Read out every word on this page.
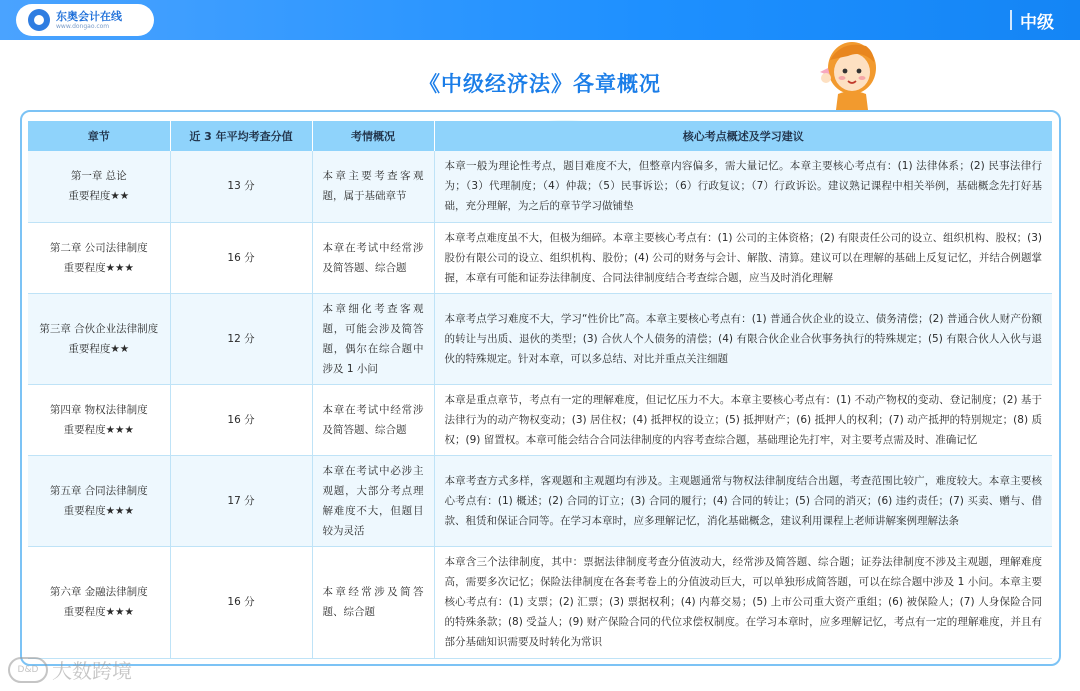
东奥会计在线
www.dongao.com	中级
《中级经济法》各章概况
章节	近 3 年平均考查分值	考情概况	核心考点概述及学习建议
第一章 总论
重要程度★★	13 分	本章主要考查客观题，属于基础章节	本章一般为理论性考点，题目难度不大，但整章内容偏多，需大量记忆。本章主要核心考点有：(1) 法律体系；(2) 民事法律行为；（3）代理制度；（4）仲裁；（5）民事诉讼；（6）行政复议；（7）行政诉讼。建议熟记课程中相关举例，基础概念先打好基础，充分理解，为之后的章节学习做铺垫
第二章 公司法律制度
重要程度★★★	16 分	本章在考试中经常涉及简答题、综合题	本章考点难度虽不大，但极为细碎。本章主要核心考点有：(1) 公司的主体资格；(2) 有限责任公司的设立、组织机构、股权；(3) 股份有限公司的设立、组织机构、股份；(4) 公司的财务与会计、解散、清算。建议可以在理解的基础上反复记忆，并结合例题掌握，本章有可能和证券法律制度、合同法律制度结合考查综合题，应当及时消化理解
第三章 合伙企业法律制度
重要程度★★	12 分	本章细化考查客观题，可能会涉及简答题，偶尔在综合题中涉及 1 小问	本章考点学习难度不大，学习“性价比”高。本章主要核心考点有：(1) 普通合伙企业的设立、债务清偿；(2) 普通合伙人财产份额的转让与出质、退伙的类型；(3) 合伙人个人债务的清偿；(4) 有限合伙企业合伙事务执行的特殊规定；(5) 有限合伙人入伙与退伙的特殊规定。针对本章，可以多总结、对比并重点关注细题
第四章 物权法律制度
重要程度★★★	16 分	本章在考试中经常涉及简答题、综合题	本章是重点章节，考点有一定的理解难度，但记忆压力不大。本章主要核心考点有：(1) 不动产物权的变动、登记制度；(2) 基于法律行为的动产物权变动；(3) 居住权；(4) 抵押权的设立；(5) 抵押财产；(6) 抵押人的权利；(7) 动产抵押的特别规定；(8) 质权；(9) 留置权。本章可能会结合合同法律制度的内容考查综合题，基础理论先打牢，对主要考点需及时、准确记忆
第五章 合同法律制度
重要程度★★★	17 分	本章在考试中必涉主观题，大部分考点理解难度不大，但题目较为灵活	本章考查方式多样，客观题和主观题均有涉及。主观题通常与物权法律制度结合出题，考查范围比较广，难度较大。本章主要核心考点有：(1) 概述；(2) 合同的订立；(3) 合同的履行；(4) 合同的转让；(5) 合同的消灭；(6) 违约责任；(7) 买卖、赠与、借款、租赁和保证合同等。在学习本章时，应多理解记忆，消化基础概念，建议利用课程上老师讲解案例理解法条
第六章 金融法律制度
重要程度★★★	16 分	本章经常涉及简答题、综合题	本章含三个法律制度，其中：票据法律制度考查分值波动大，经常涉及简答题、综合题；证券法律制度不涉及主观题，理解难度高，需要多次记忆；保险法律制度在各套考卷上的分值波动巨大，可以单独形成简答题，可以在综合题中涉及 1 小问。本章主要核心考点有：(1) 支票；(2) 汇票；(3) 票据权利；(4) 内幕交易；(5) 上市公司重大资产重组；(6) 被保险人；(7) 人身保险合同的特殊条款；(8) 受益人；(9) 财产保险合同的代位求偿权制度。在学习本章时，应多理解记忆，考点有一定的理解难度，并且有部分基础知识需要及时转化为常识
D&D 大数跨境
